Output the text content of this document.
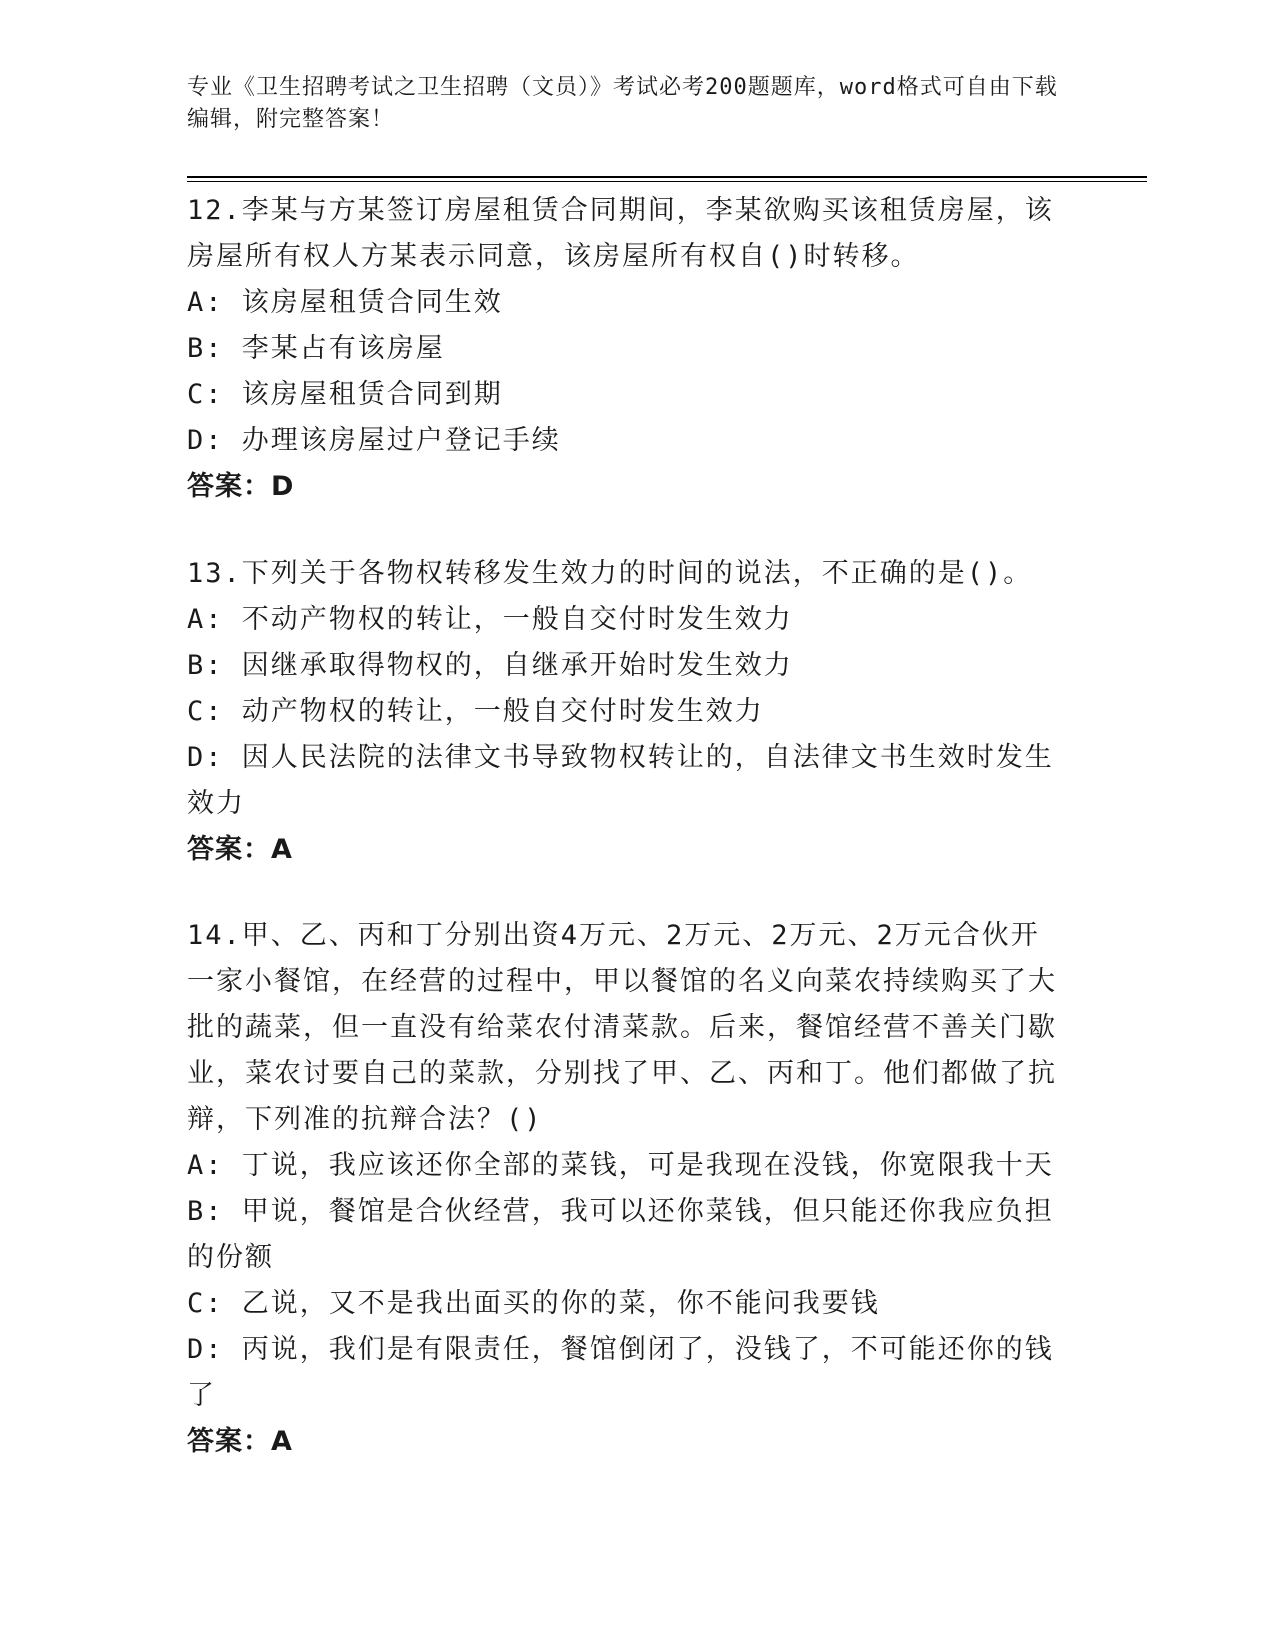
专业《卫生招聘考试之卫生招聘（文员）》考试必考200题题库，word格式可自由下载编辑，附完整答案！

12.李某与方某签订房屋租赁合同期间，李某欲购买该租赁房屋，该房屋所有权人方某表示同意，该房屋所有权自()时转移。

A: 该房屋租赁合同生效

B: 李某占有该房屋

C: 该房屋租赁合同到期

D: 办理该房屋过户登记手续

答案：D

13.下列关于各物权转移发生效力的时间的说法，不正确的是()。

A: 不动产物权的转让，一般自交付时发生效力

B: 因继承取得物权的，自继承开始时发生效力

C: 动产物权的转让，一般自交付时发生效力

D: 因人民法院的法律文书导致物权转让的，自法律文书生效时发生效力

答案：A

14.甲、乙、丙和丁分别出资4万元、2万元、2万元、2万元合伙开一家小餐馆，在经营的过程中，甲以餐馆的名义向菜农持续购买了大批的蔬菜，但一直没有给菜农付清菜款。后来，餐馆经营不善关门歇业，菜农讨要自己的菜款，分别找了甲、乙、丙和丁。他们都做了抗辩，下列准的抗辩合法？()

A: 丁说，我应该还你全部的菜钱，可是我现在没钱，你宽限我十天

B: 甲说，餐馆是合伙经营，我可以还你菜钱，但只能还你我应负担的份额

C: 乙说，又不是我出面买的你的菜，你不能问我要钱

D: 丙说，我们是有限责任，餐馆倒闭了，没钱了，不可能还你的钱了

答案：A
